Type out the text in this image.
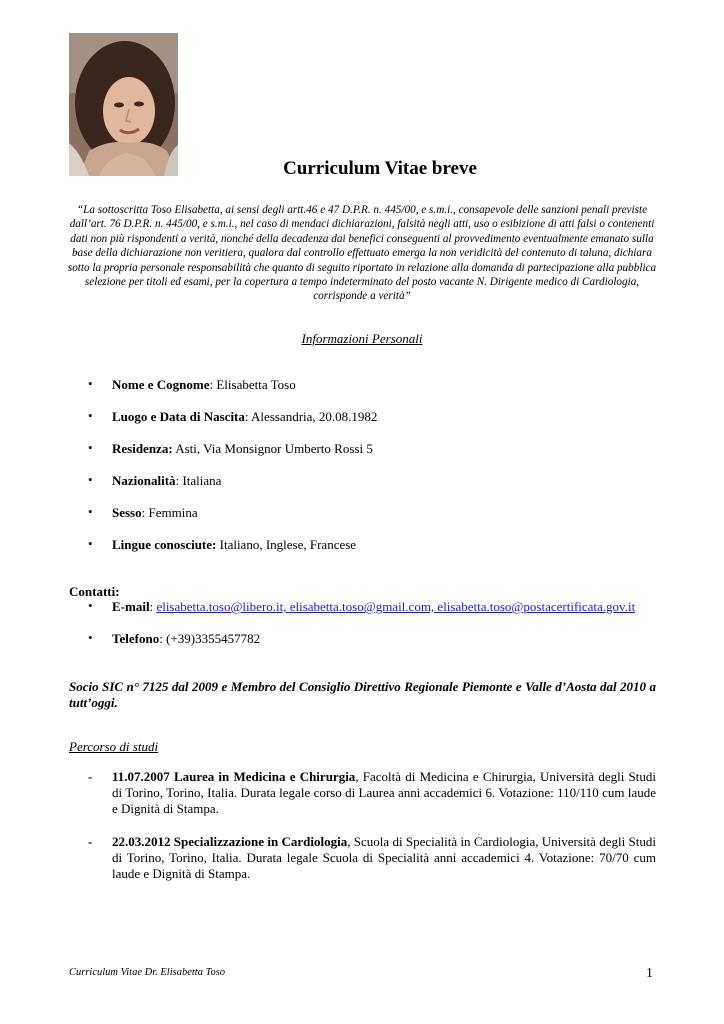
Curriculum Vitae breve
“La sottoscritta Toso Elisabetta, ai sensi degli artt.46 e 47 D.P.R. n. 445/00, e s.m.i., consapevole delle sanzioni penali previste dall’art. 76 D.P.R. n. 445/00, e s.m.i., nel caso di mendaci dichiarazioni, falsità negli atti, uso o esibizione di atti falsi o contenenti dati non più rispondenti a verità, nonché della decadenza dai benefici conseguenti al provvedimento eventualmente emanato sulla base della dichiarazione non veritiera, qualora dal controllo effettuato emerga la non veridicità del contenuto di taluna, dichiara sotto la propria personale responsabilità che quanto di seguito riportato in relazione alla domanda di partecipazione alla pubblica selezione per titoli ed esami, per la copertura a tempo indeterminato del posto vacante N. Dirigente medico di Cardiologia, corrisponde a verità”
Informazioni Personali
• Nome e Cognome: Elisabetta Toso
• Luogo e Data di Nascita: Alessandria, 20.08.1982
• Residenza: Asti, Via Monsignor Umberto Rossi 5
• Nazionalità: Italiana
• Sesso: Femmina
• Lingue conosciute: Italiano, Inglese, Francese
Contatti:
• E-mail: elisabetta.toso@libero.it, elisabetta.toso@gmail.com, elisabetta.toso@postacertificata.gov.it
• Telefono: (+39)3355457782
Socio SIC n° 7125 dal 2009 e Membro del Consiglio Direttivo Regionale Piemonte e Valle d’Aosta dal 2010 a tutt’oggi.
Percorso di studi
- 11.07.2007 Laurea in Medicina e Chirurgia, Facoltà di Medicina e Chirurgia, Università degli Studi di Torino, Torino, Italia. Durata legale corso di Laurea anni accademici 6. Votazione: 110/110 cum laude e Dignità di Stampa.
- 22.03.2012 Specializzazione in Cardiologia, Scuola di Specialità in Cardiologia, Università degli Studi di Torino, Torino, Italia. Durata legale Scuola di Specialità anni accademici 4. Votazione: 70/70 cum laude e Dignità di Stampa.
Curriculum Vitae Dr. Elisabetta Toso	1
